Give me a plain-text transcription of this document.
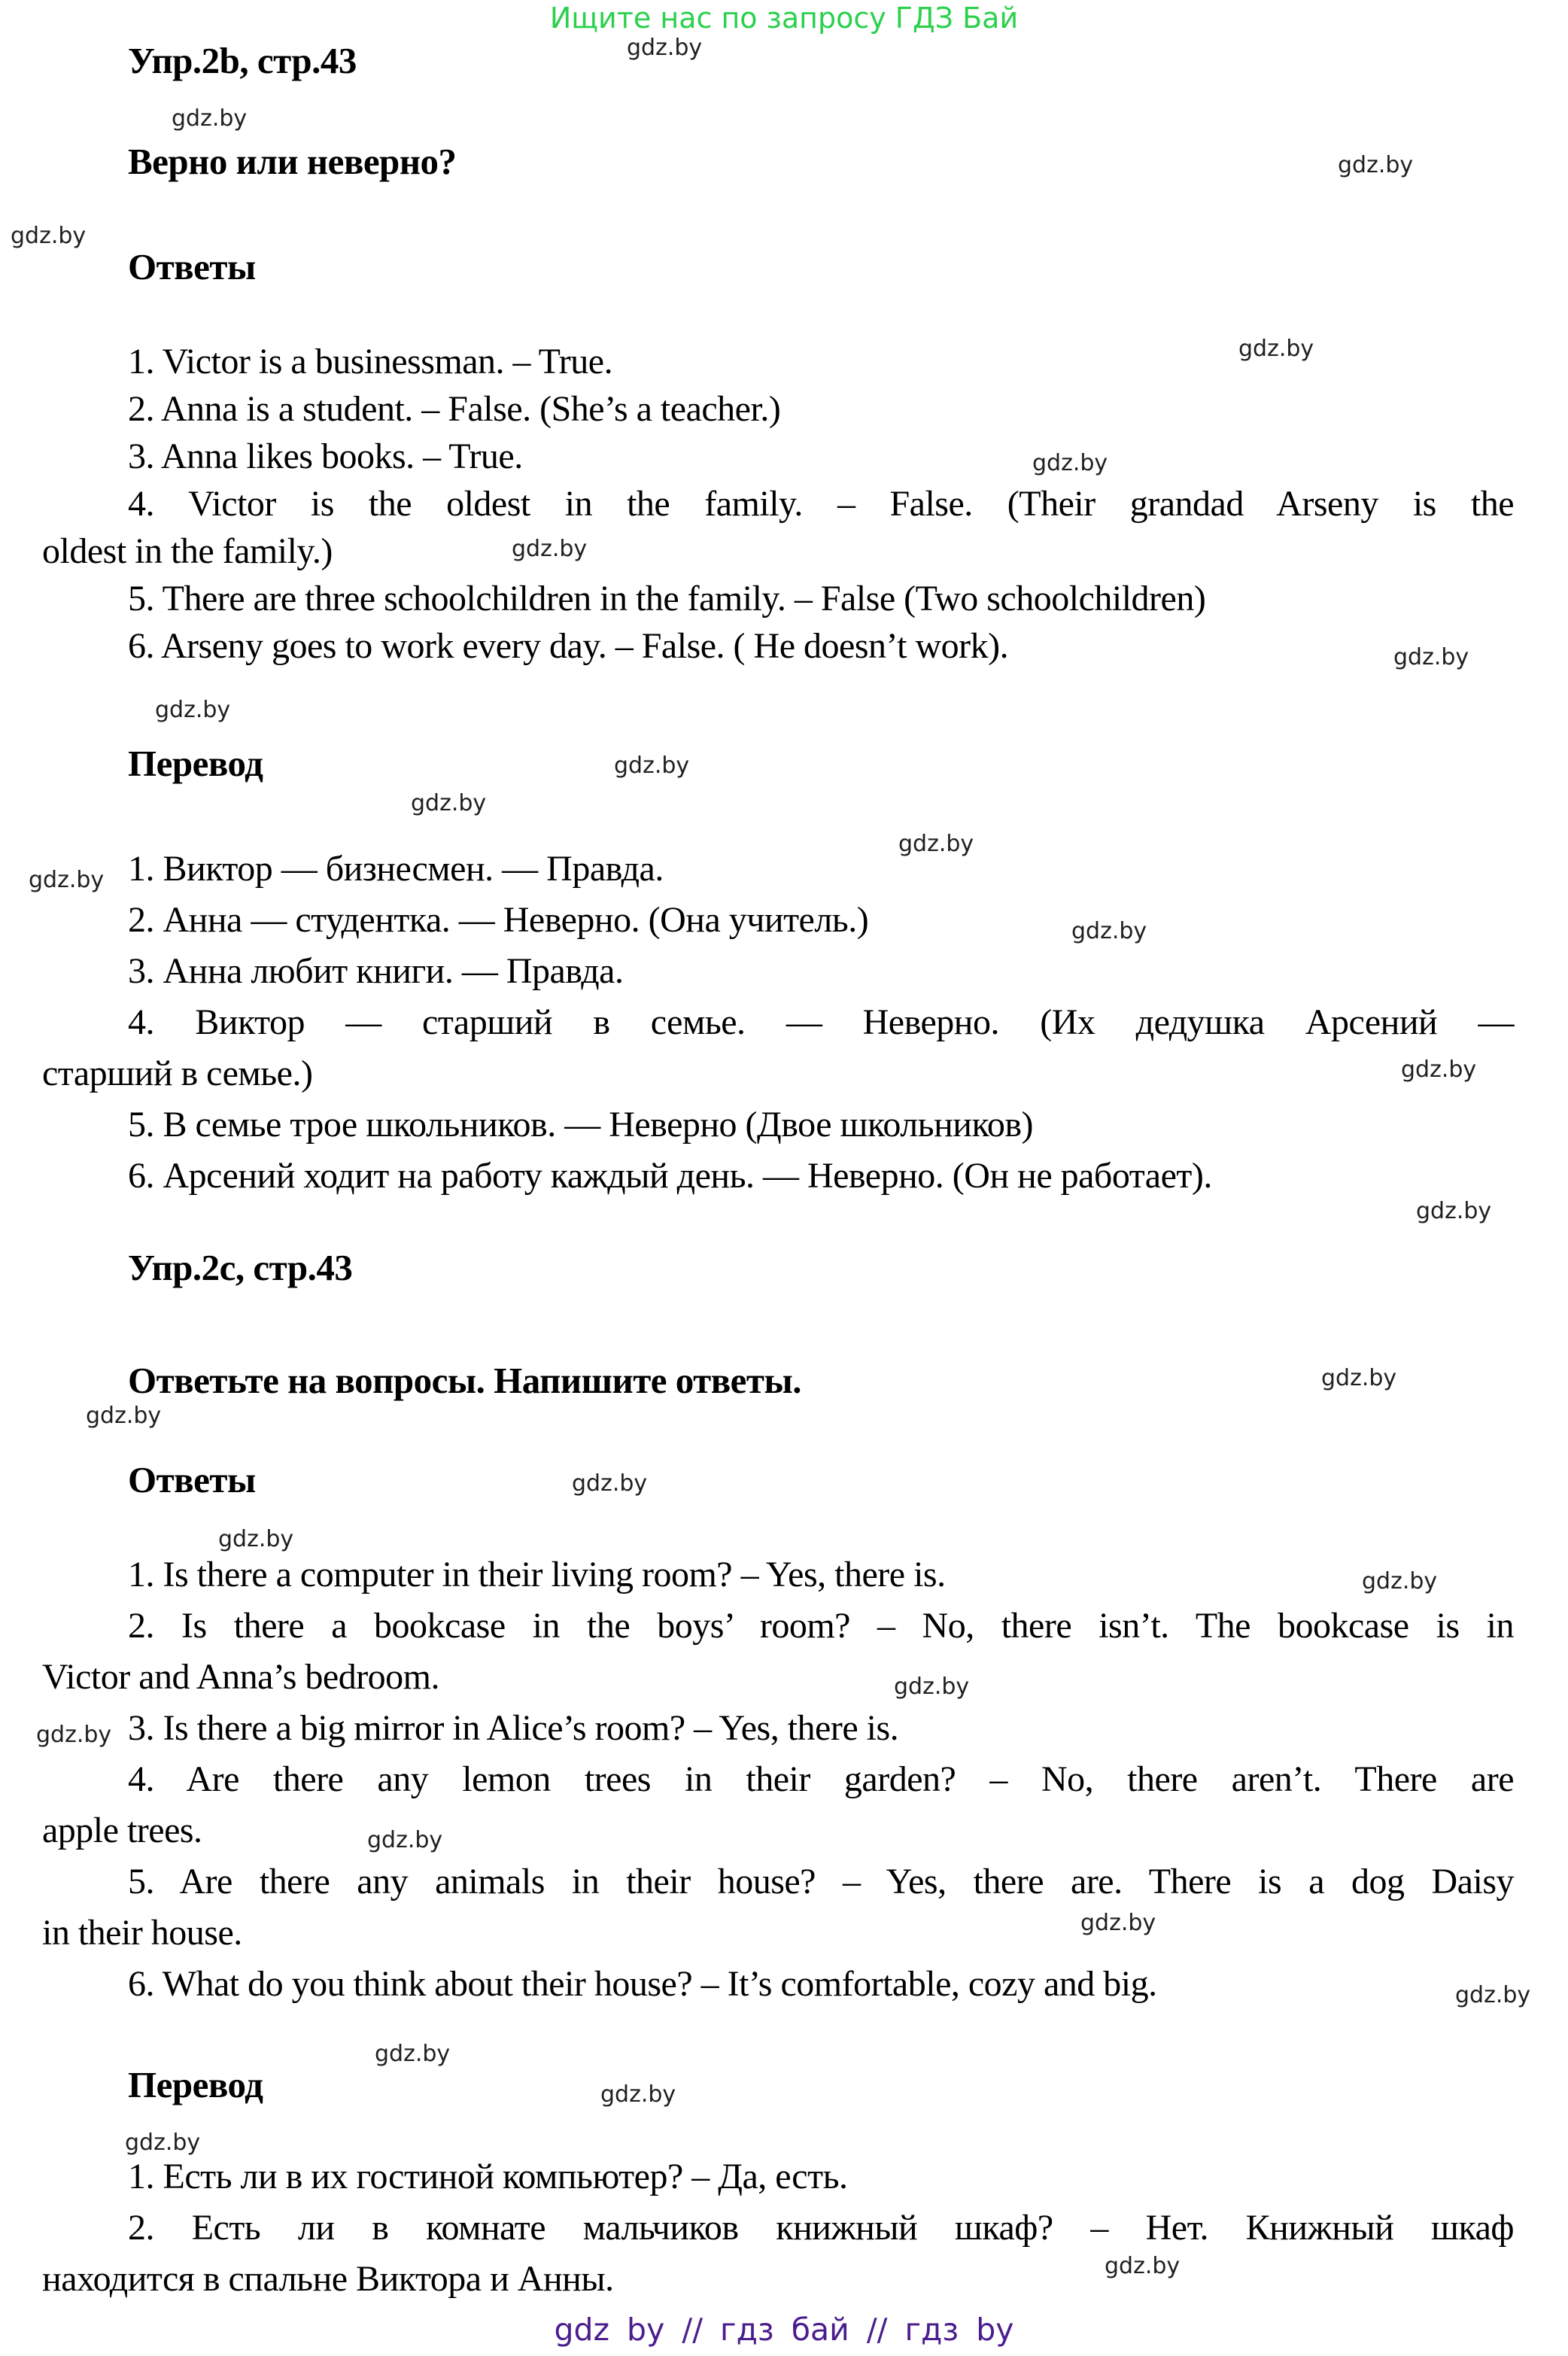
Ищите нас по запросу ГДЗ Бай
gdz.by
Упр.2b, стр.43
gdz.by
Верно или неверно?	gdz.by
gdz.by
Ответы
gdz.by
1. Victor is a businessman. – True.
2. Anna is a student. – False. (She’s a teacher.)
3. Anna likes books. – True.	gdz.by
4. Victor is the oldest in the family. – False. (Their grandad Arseny is the
oldest in the family.)	gdz.by
5. There are three schoolchildren in the family. – False (Two schoolchildren)
6. Arseny goes to work every day. – False. ( He doesn’t work).	gdz.by
gdz.by
Перевод	gdz.by
gdz.by
gdz.by
1. Виктор — бизнесмен. — Правда.
gdz.by
2. Анна — студентка. — Неверно. (Она учитель.)	gdz.by
3. Анна любит книги. — Правда.
4. Виктор — старший в семье. — Неверно. (Их дедушка Арсений —
старший в семье.)	gdz.by
5. В семье трое школьников. — Неверно (Двое школьников)
6. Арсений ходит на работу каждый день. — Неверно. (Он не работает).
gdz.by
Упр.2с, стр.43
Ответьте на вопросы. Напишите ответы.	gdz.by
gdz.by
Ответы	gdz.by
gdz.by
1. Is there a computer in their living room? – Yes, there is.	gdz.by
2. Is there a bookcase in the boys’ room? – No, there isn’t. The bookcase is in
Victor and Anna’s bedroom.	gdz.by
3. Is there a big mirror in Alice’s room? – Yes, there is.
gdz.by
4. Are there any lemon trees in their garden? – No, there aren’t. There are
apple trees.	gdz.by
5. Are there any animals in their house? – Yes, there are. There is a dog Daisy
in their house.	gdz.by
6. What do you think about their house? – It’s comfortable, cozy and big.	gdz.by
gdz.by
Перевод	gdz.by
gdz.by
1. Есть ли в их гостиной компьютер? – Да, есть.
2. Есть ли в комнате мальчиков книжный шкаф? – Нет. Книжный шкаф
gdz.by
находится в спальне Виктора и Анны.
gdz by // гдз бай // гдз by
